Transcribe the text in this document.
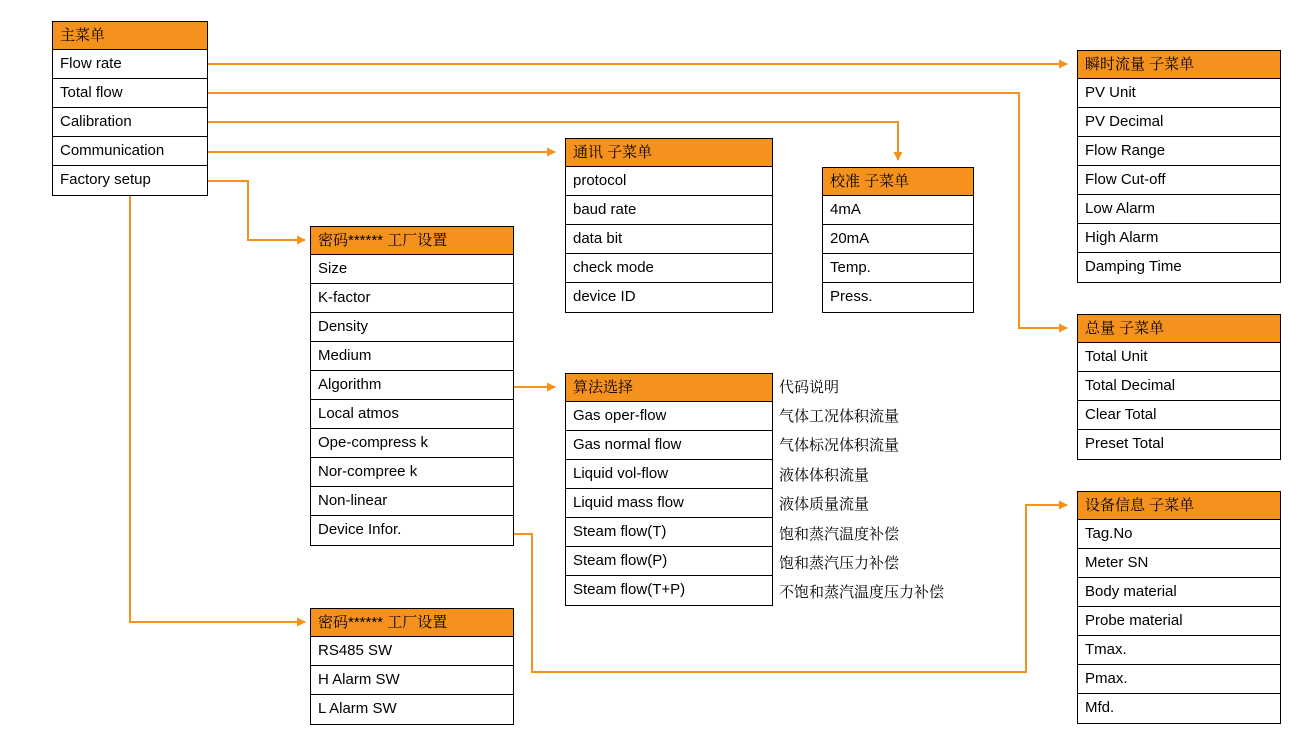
主菜单
Flow rate
Total flow
Calibration
Communication
Factory setup
密码****** 工厂设置
Size
K-factor
Density
Medium
Algorithm
Local atmos
Ope-compress k
Nor-compree k
Non-linear
Device Infor.
密码****** 工厂设置
RS485 SW
H Alarm SW
L Alarm SW
通讯 子菜单
protocol
baud rate
data bit
check mode
device ID
算法选择
Gas oper-flow
Gas normal flow
Liquid vol-flow
Liquid mass flow
Steam flow(T)
Steam flow(P)
Steam flow(T+P)
代码说明
气体工况体积流量
气体标况体积流量
液体体积流量
液体质量流量
饱和蒸汽温度补偿
饱和蒸汽压力补偿
不饱和蒸汽温度压力补偿
校准 子菜单
4mA
20mA
Temp.
Press.
瞬时流量 子菜单
PV Unit
PV Decimal
Flow Range
Flow Cut-off
Low Alarm
High Alarm
Damping Time
总量 子菜单
Total Unit
Total Decimal
Clear Total
Preset Total
设备信息 子菜单
Tag.No
Meter SN
Body material
Probe material
Tmax.
Pmax.
Mfd.
